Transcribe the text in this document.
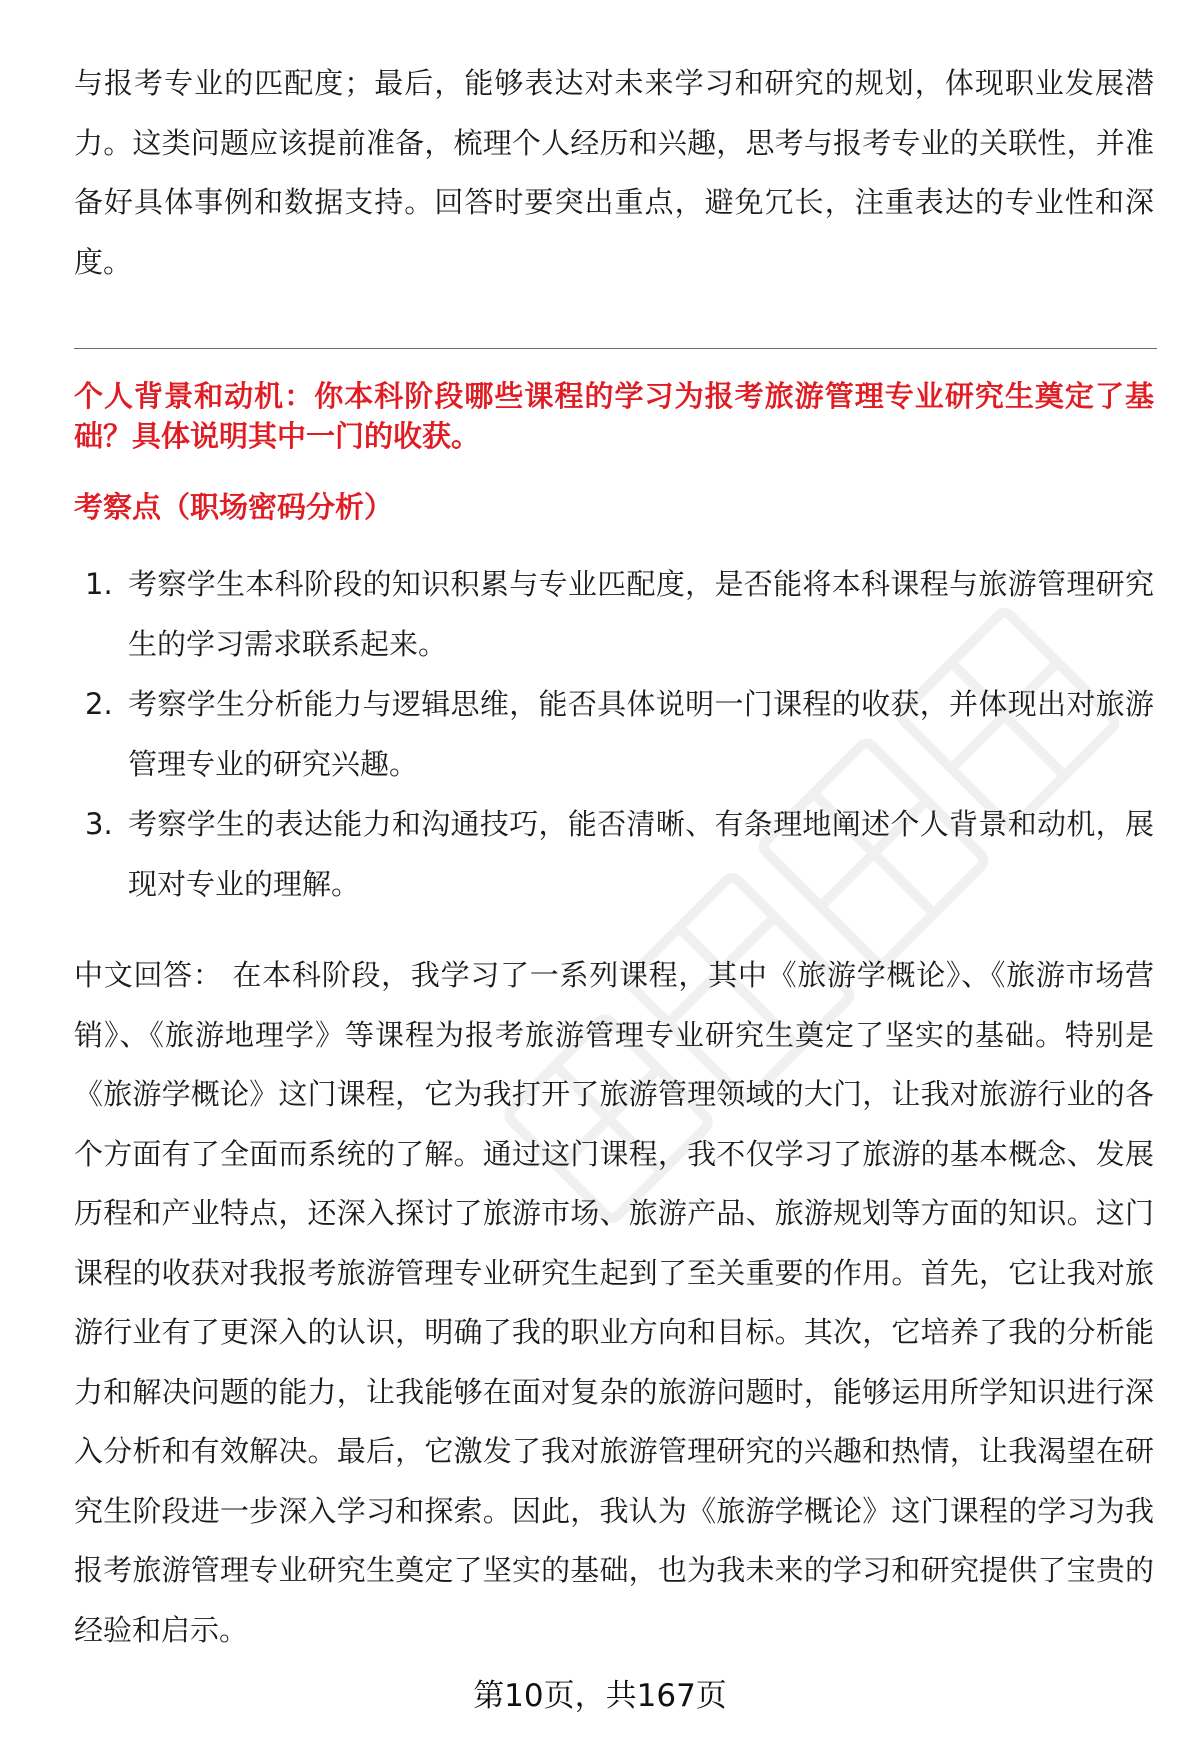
与报考专业的匹配度；最后，能够表达对未来学习和研究的规划，体现职业发展潜力。这类问题应该提前准备，梳理个人经历和兴趣，思考与报考专业的关联性，并准备好具体事例和数据支持。回答时要突出重点，避免冗长，注重表达的专业性和深度。

个人背景和动机：你本科阶段哪些课程的学习为报考旅游管理专业研究生奠定了基础？具体说明其中一门的收获。

考察点（职场密码分析）

1. 考察学生本科阶段的知识积累与专业匹配度，是否能将本科课程与旅游管理研究生的学习需求联系起来。
2. 考察学生分析能力与逻辑思维，能否具体说明一门课程的收获，并体现出对旅游管理专业的研究兴趣。
3. 考察学生的表达能力和沟通技巧，能否清晰、有条理地阐述个人背景和动机，展现对专业的理解。

中文回答： 在本科阶段，我学习了一系列课程，其中《旅游学概论》、《旅游市场营销》、《旅游地理学》等课程为报考旅游管理专业研究生奠定了坚实的基础。特别是《旅游学概论》这门课程，它为我打开了旅游管理领域的大门，让我对旅游行业的各个方面有了全面而系统的了解。通过这门课程，我不仅学习了旅游的基本概念、发展历程和产业特点，还深入探讨了旅游市场、旅游产品、旅游规划等方面的知识。这门课程的收获对我报考旅游管理专业研究生起到了至关重要的作用。首先，它让我对旅游行业有了更深入的认识，明确了我的职业方向和目标。其次，它培养了我的分析能力和解决问题的能力，让我能够在面对复杂的旅游问题时，能够运用所学知识进行深入分析和有效解决。最后，它激发了我对旅游管理研究的兴趣和热情，让我渴望在研究生阶段进一步深入学习和探索。因此，我认为《旅游学概论》这门课程的学习为我报考旅游管理专业研究生奠定了坚实的基础，也为我未来的学习和研究提供了宝贵的经验和启示。

第10页，共167页
